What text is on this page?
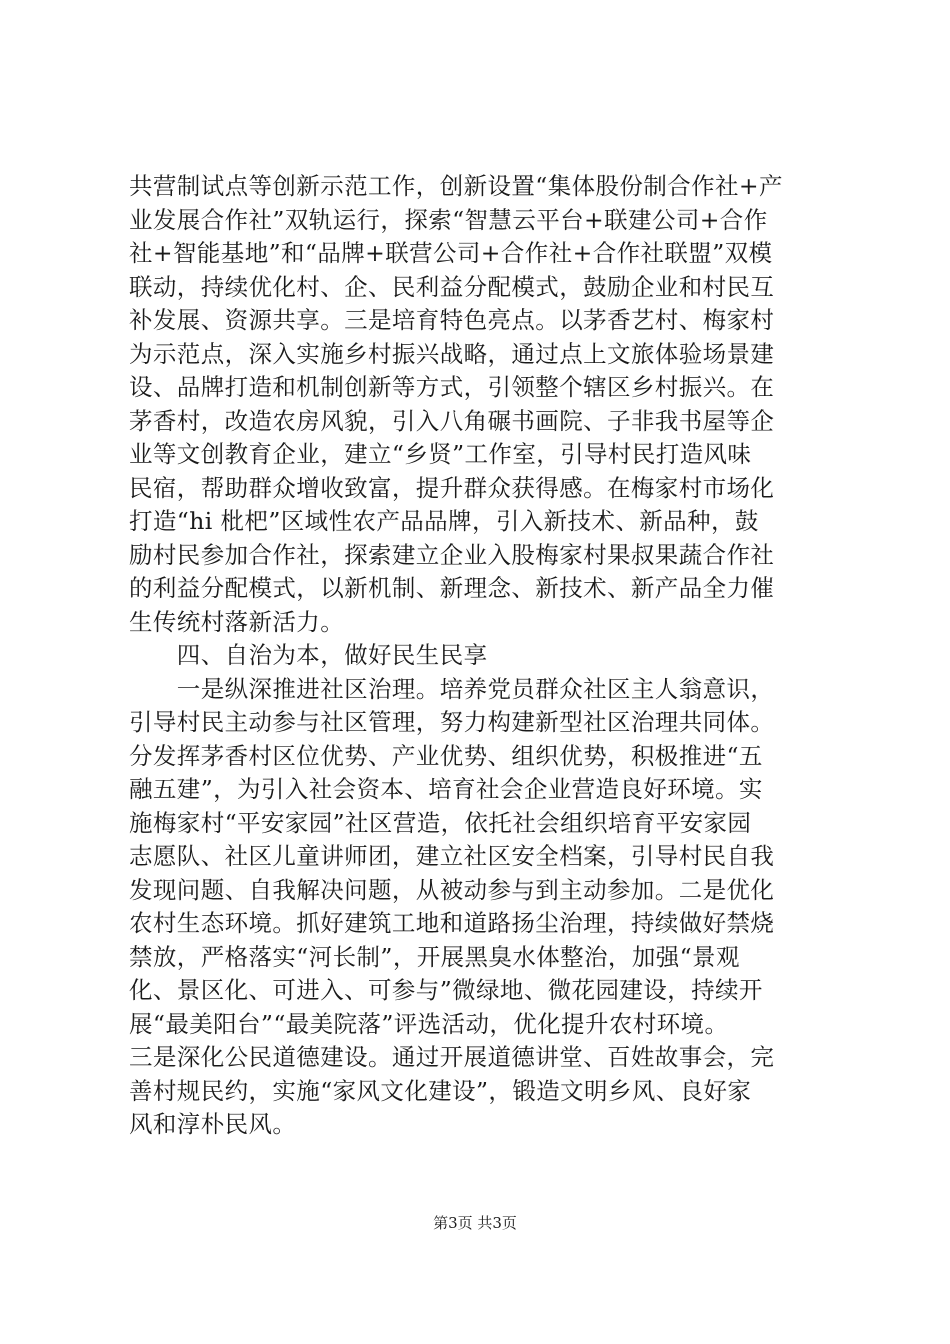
共营制试点等创新示范工作，创新设置“集体股份制合作社+产
业发展合作社”双轨运行，探索“智慧云平台+联建公司+合作
社+智能基地”和“品牌+联营公司+合作社+合作社联盟”双模
联动，持续优化村、企、民利益分配模式，鼓励企业和村民互
补发展、资源共享。三是培育特色亮点。以茅香艺村、梅家村
为示范点，深入实施乡村振兴战略，通过点上文旅体验场景建
设、品牌打造和机制创新等方式，引领整个辖区乡村振兴。在
茅香村，改造农房风貌，引入八角碾书画院、子非我书屋等企
业等文创教育企业，建立“乡贤”工作室，引导村民打造风味
民宿，帮助群众增收致富，提升群众获得感。在梅家村市场化
打造“hi 枇杷”区域性农产品品牌，引入新技术、新品种，鼓
励村民参加合作社，探索建立企业入股梅家村果叔果蔬合作社
的利益分配模式，以新机制、新理念、新技术、新产品全力催
生传统村落新活力。
　　四、自治为本，做好民生民享
　　一是纵深推进社区治理。培养党员群众社区主人翁意识，
引导村民主动参与社区管理，努力构建新型社区治理共同体。
分发挥茅香村区位优势、产业优势、组织优势，积极推进“五
融五建”，为引入社会资本、培育社会企业营造良好环境。实
施梅家村“平安家园”社区营造，依托社会组织培育平安家园
志愿队、社区儿童讲师团，建立社区安全档案，引导村民自我
发现问题、自我解决问题，从被动参与到主动参加。二是优化
农村生态环境。抓好建筑工地和道路扬尘治理，持续做好禁烧
禁放，严格落实“河长制”，开展黑臭水体整治，加强“景观
化、景区化、可进入、可参与”微绿地、微花园建设，持续开
展“最美阳台”“最美院落”评选活动，优化提升农村环境。
三是深化公民道德建设。通过开展道德讲堂、百姓故事会，完
善村规民约，实施“家风文化建设”，锻造文明乡风、良好家
风和淳朴民风。
第3页 共3页
